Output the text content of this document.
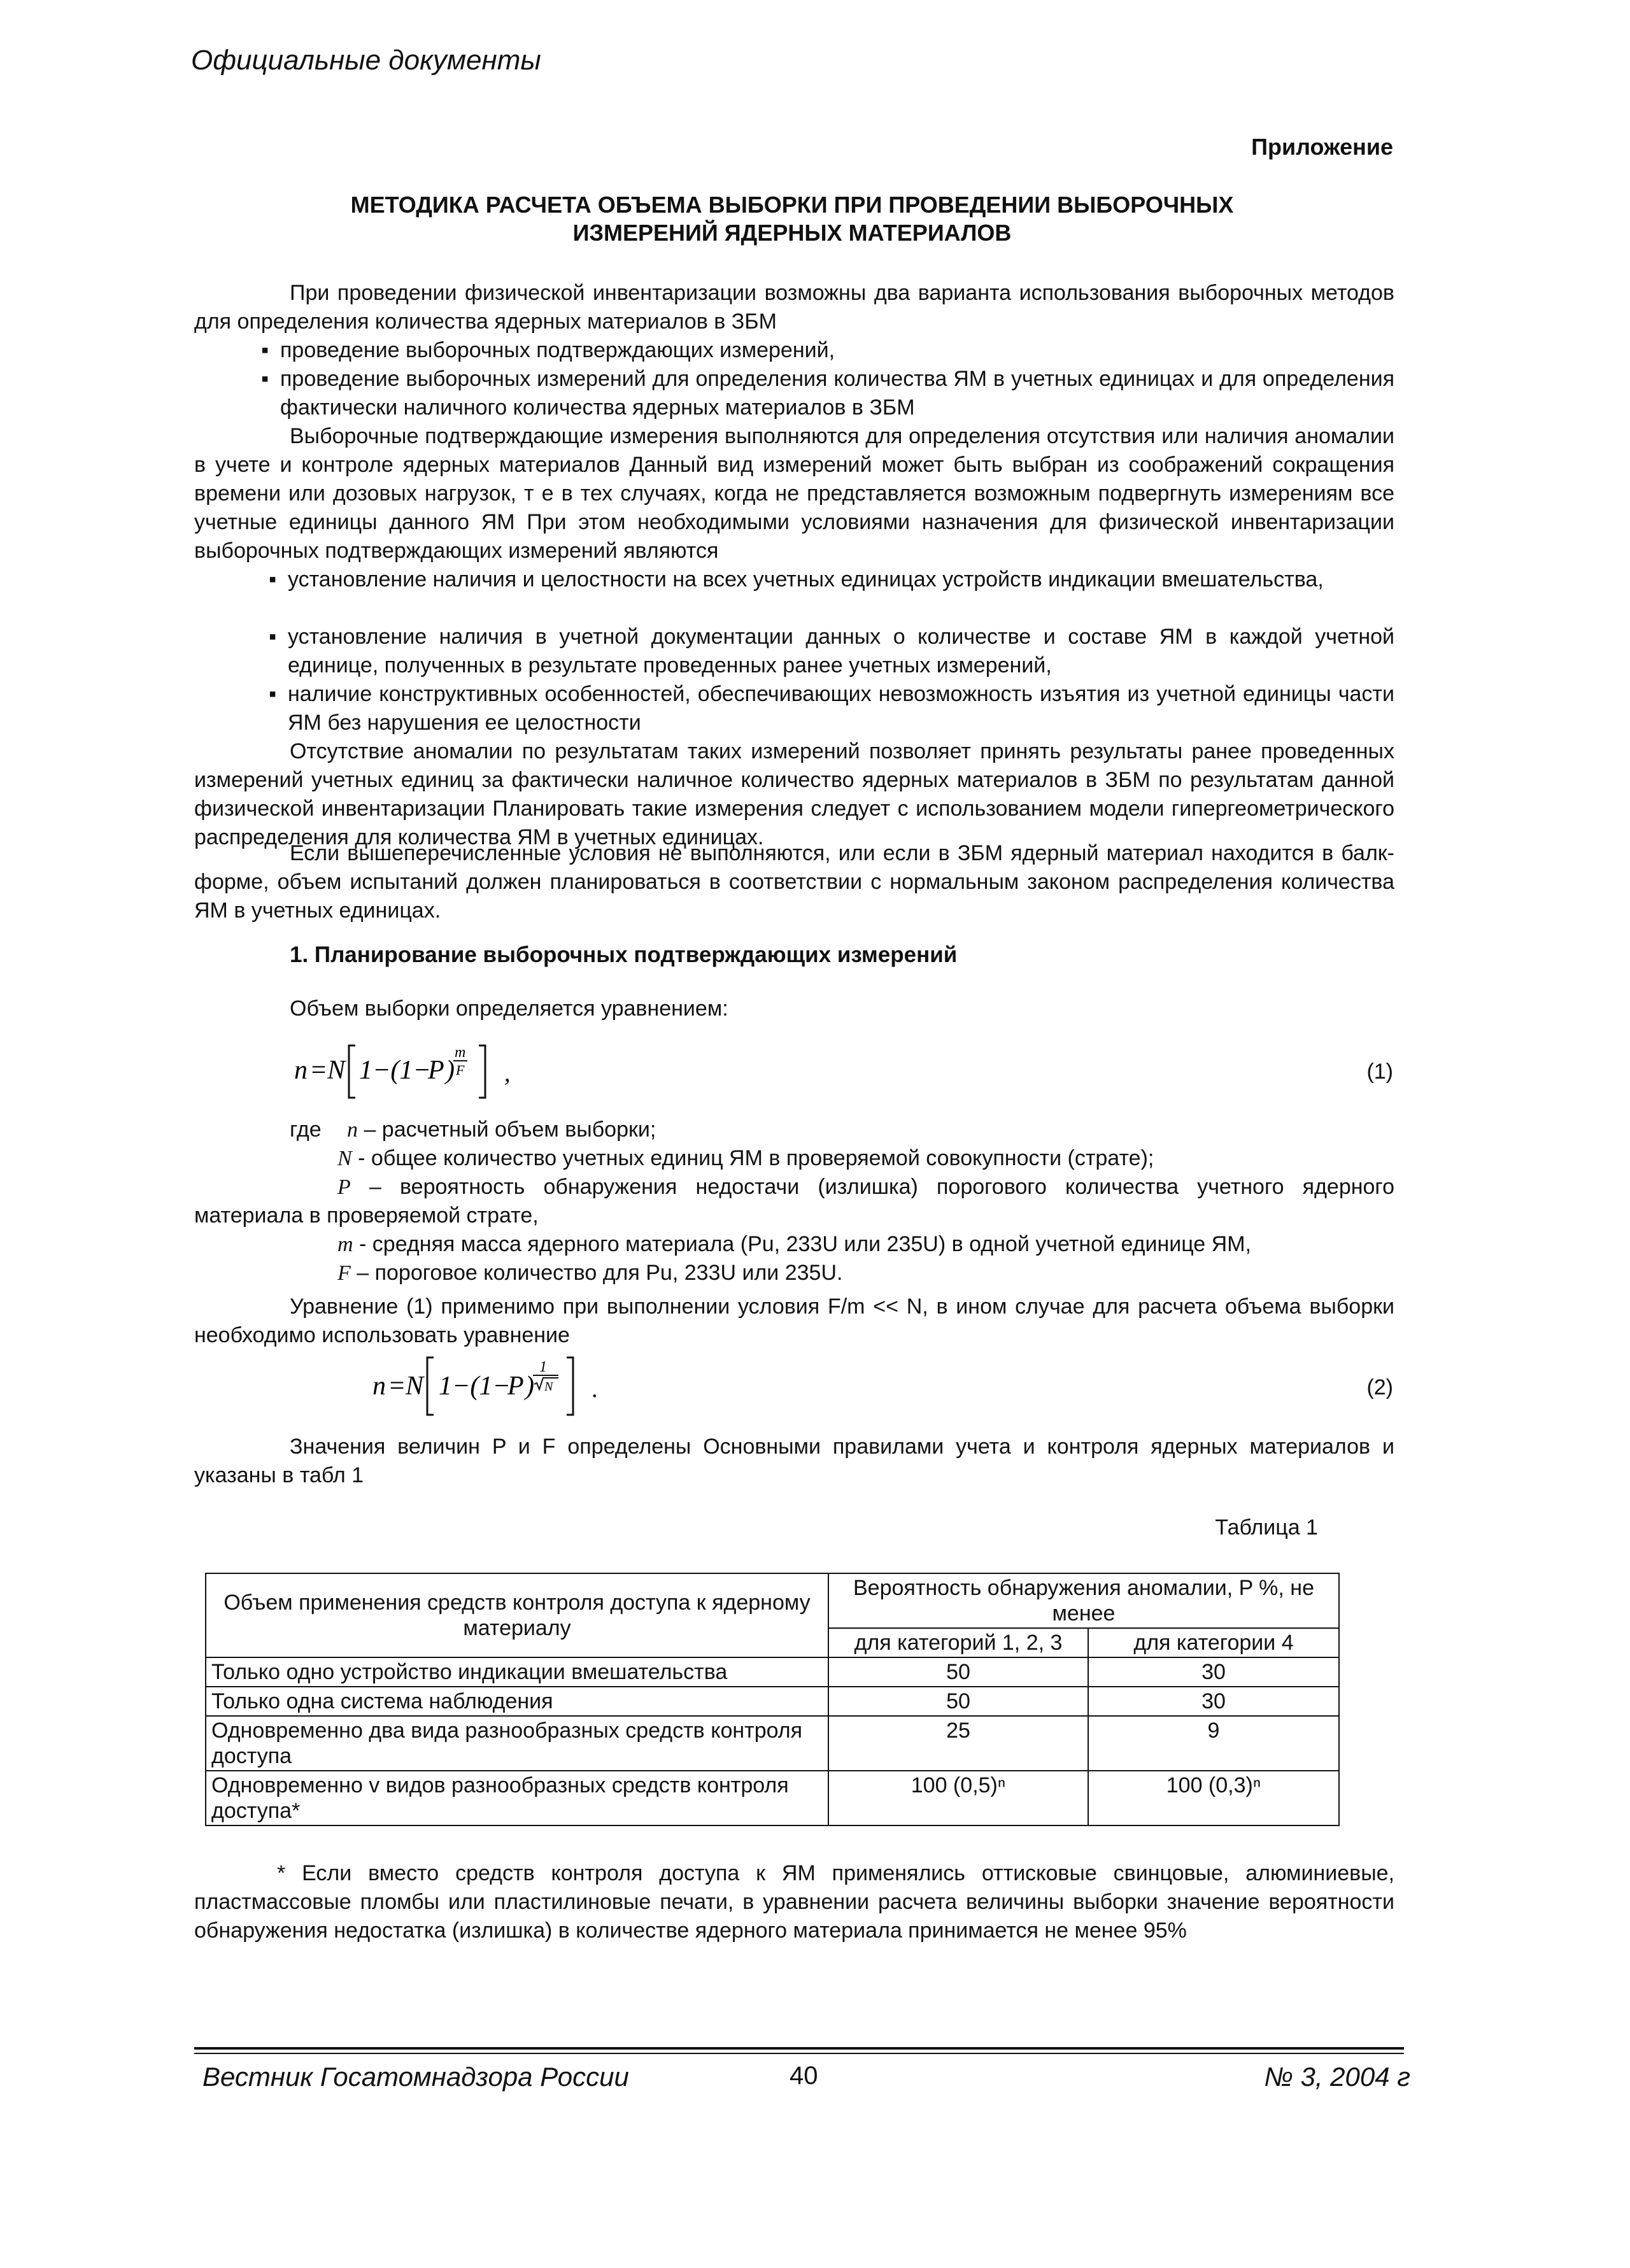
Официальные документы
Приложение
МЕТОДИКА РАСЧЕТА ОБЪЕМА ВЫБОРКИ ПРИ ПРОВЕДЕНИИ ВЫБОРОЧНЫХ
ИЗМЕРЕНИЙ ЯДЕРНЫХ МАТЕРИАЛОВ
При проведении физической инвентаризации возможны два варианта использования выборочных методов для определения количества ядерных материалов в ЗБМ
▪ проведение выборочных подтверждающих измерений,
▪ проведение выборочных измерений для определения количества ЯМ в учетных единицах и для определения фактически наличного количества ядерных материалов в ЗБМ
Выборочные подтверждающие измерения выполняются для определения отсутствия или наличия аномалии в учете и контроле ядерных материалов Данный вид измерений может быть выбран из соображений сокращения времени или дозовых нагрузок, т е в тех случаях, когда не представляется возможным подвергнуть измерениям все учетные единицы данного ЯМ При этом необходимыми условиями назначения для физической инвентаризации выборочных подтверждающих измерений являются
▪ установление наличия и целостности на всех учетных единицах устройств индикации вмешательства,
▪ установление наличия в учетной документации данных о количестве и составе ЯМ в каждой учетной единице, полученных в результате проведенных ранее учетных измерений,
▪ наличие конструктивных особенностей, обеспечивающих невозможность изъятия из учетной единицы части ЯМ без нарушения ее целостности
Отсутствие аномалии по результатам таких измерений позволяет принять результаты ранее проведенных измерений учетных единиц за фактически наличное количество ядерных материалов в ЗБМ по результатам данной физической инвентаризации Планировать такие измерения следует с использованием модели гипергеометрического распределения для количества ЯМ в учетных единицах.
Если вышеперечисленные условия не выполняются, или если в ЗБМ ядерный материал находится в балк-форме, объем испытаний должен планироваться в соответствии с нормальным законом распределения количества ЯМ в учетных единицах.
1. Планирование выборочных подтверждающих измерений
Объем выборки определяется уравнением:
n = N 1−(1−
P )
m
F ,	(1)
где n – расчетный объем выборки;
N - общее количество учетных единиц ЯМ в проверяемой совокупности (страте);
P – вероятность обнаружения недостачи (излишка) порогового количества учетного ядерного материала в проверяемой страте,
m - средняя масса ядерного материала (Pu, 233U или 235U) в одной учетной единице ЯМ,
F – пороговое количество для Pu, 233U или 235U.
Уравнение (1) применимо при выполнении условия F/m << N, в ином случае для расчета объема выборки необходимо использовать уравнение
n = N 1−(1−
P )
1
N .	(2)
Значения величин P и F определены Основными правилами учета и контроля ядерных материалов и указаны в табл 1
Таблица 1
Объем применения средств контроля доступа к ядерному материалу	Вероятность обнаружения аномалии, P %, не менее	
	для категорий 1, 2, 3	для категории 4
Только одно устройство индикации вмешательства	50	30
Только одна система наблюдения	50	30
Одновременно два вида разнообразных средств контроля доступа	25	9
Одновременно v видов разнообразных средств контроля доступа*	100 (0,5)ⁿ	100 (0,3)ⁿ
* Если вместо средств контроля доступа к ЯМ применялись оттисковые свинцовые, алюминиевые, пластмассовые пломбы или пластилиновые печати, в уравнении расчета величины выборки значение вероятности обнаружения недостатка (излишка) в количестве ядерного материала принимается не менее 95%
Вестник Госатомнадзора России	40	№ 3, 2004 г
